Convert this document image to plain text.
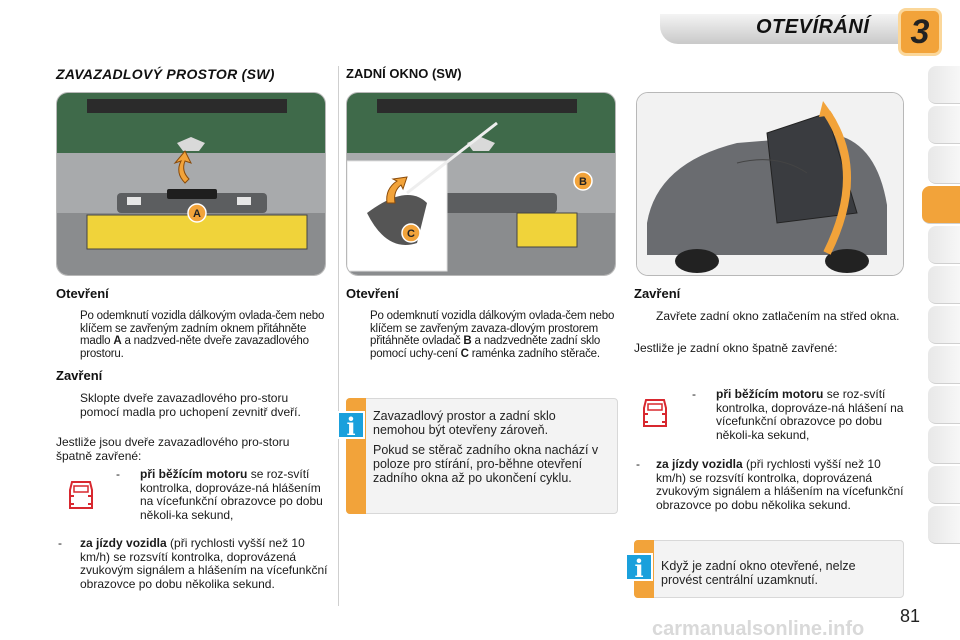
OTEVÍRÁNÍ	3
ZAVAZADLOVÝ PROSTOR (SW)	ZADNÍ OKNO (SW)
A
B
C
Otevření
Po odemknutí vozidla dálkovým ovlada-čem nebo klíčem se zavřeným zadním oknem přitáhněte madlo A a nadzved-něte dveře zavazadlového prostoru.
Zavření
Sklopte dveře zavazadlového pro-storu pomocí madla pro uchopení zevnitř dveří.
Jestliže jsou dveře zavazadlového pro-storu špatně zavřené:
- při běžícím motoru se roz-svítí kontrolka, doprováze-ná hlášením na vícefunkční obrazovce po dobu několi-ka sekund,
- za jízdy vozidla (při rychlosti vyšší než 10 km/h) se rozsvítí kontrolka, doprovázená zvukovým signálem a hlášením na vícefunkční obrazovce po dobu několika sekund.
Otevření
Po odemknutí vozidla dálkovým ovlada-čem nebo klíčem se zavřeným zavaza-dlovým prostorem přitáhněte ovladač B a nadzvedněte zadní sklo pomocí uchy-cení C raménka zadního stěrače.
i	Zavazadlový prostor a zadní sklo nemohou být otevřeny zároveň.
Pokud se stěrač zadního okna nachází v poloze pro stírání, pro-běhne otevření zadního okna až po ukončení cyklu.
Zavření
Zavřete zadní okno zatlačením na střed okna.
Jestliže je zadní okno špatně zavřené:
- při běžícím motoru se roz-svítí kontrolka, doprováze-ná hlášení na vícefunkční obrazovce po dobu několi-ka sekund,
- za jízdy vozidla (při rychlosti vyšší než 10 km/h) se rozsvítí kontrolka, doprovázená zvukovým signálem a hlášením na vícefunkční obrazovce po dobu několika sekund.
i	Když je zadní okno otevřené, nelze provést centrální uzamknutí.
81
carmanualsonline.info
